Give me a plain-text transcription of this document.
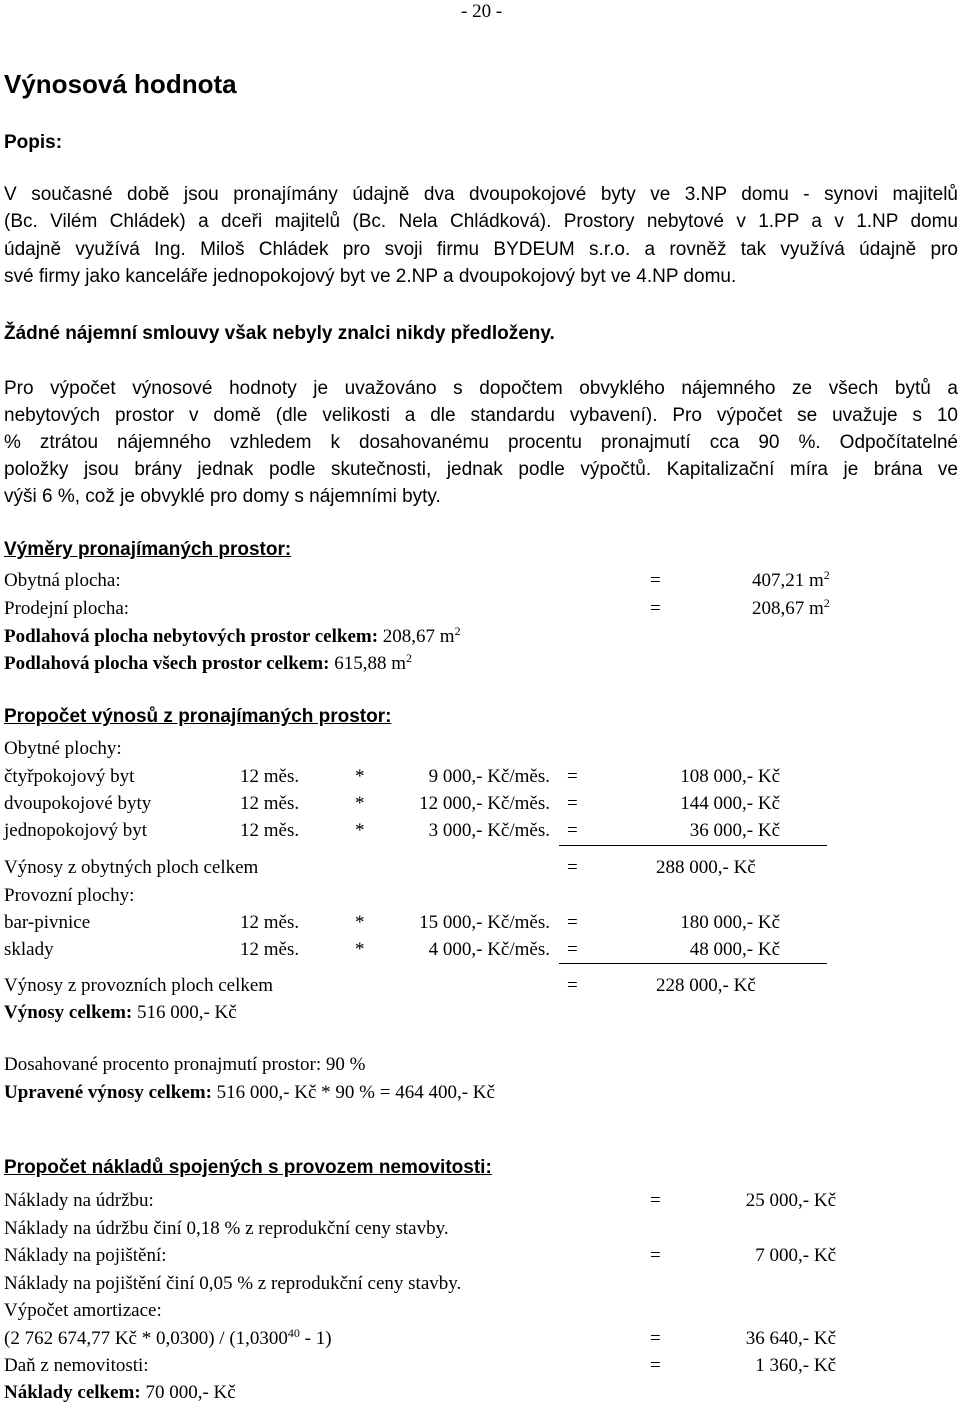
- 20 -
Výnosová hodnota
Popis:
V současné době jsou pronajímány údajně dva dvoupokojové byty ve 3.NP domu - synovi majitelů
(Bc. Vilém Chládek) a dceři majitelů (Bc. Nela Chládková). Prostory nebytové v 1.PP a v 1.NP domu
údajně využívá Ing. Miloš Chládek pro svoji firmu BYDEUM s.r.o. a rovněž tak využívá údajně pro
své firmy jako kanceláře jednopokojový byt ve 2.NP a dvoupokojový byt ve 4.NP domu.
Žádné nájemní smlouvy však nebyly znalci nikdy předloženy.
Pro výpočet výnosové hodnoty je uvažováno s dopočtem obvyklého nájemného ze všech bytů a
nebytových prostor v domě (dle velikosti a dle standardu vybavení). Pro výpočet se uvažuje s 10
% ztrátou nájemného vzhledem k dosahovanému procentu pronajmutí cca 90 %. Odpočítatelné
položky jsou brány jednak podle skutečnosti, jednak podle výpočtů. Kapitalizační míra je brána ve
výši 6 %, což je obvyklé pro domy s nájemními byty.
Výměry pronajímaných prostor:
Obytná plocha:	=	407,21 $m^2$
Prodejní plocha:	=	208,67 $m^2$
Podlahová plocha nebytových prostor celkem: 208,67 $m^2$
Podlahová plocha všech prostor celkem: 615,88 $m^2$
Propočet výnosů z pronajímaných prostor:
Obytné plochy:
čtyřpokojový byt	12 měs.	*	9 000,- Kč/měs. =	108 000,- Kč
dvoupokojové byty	12 měs.	*	12 000,- Kč/měs. =	144 000,- Kč
jednopokojový byt	12 měs.	*	3 000,- Kč/měs. =	36 000,- Kč
Výnosy z obytných ploch celkem	=	288 000,- Kč
Provozní plochy:
bar-pivnice	12 měs.	*	15 000,- Kč/měs. =	180 000,- Kč
sklady	12 měs.	*	4 000,- Kč/měs. =	48 000,- Kč
Výnosy z provozních ploch celkem	=	228 000,- Kč
Výnosy celkem: 516 000,- Kč
Dosahované procento pronajmutí prostor: 90 %
Upravené výnosy celkem: 516 000,- Kč * 90 % = 464 400,- Kč
Propočet nákladů spojených s provozem nemovitosti:
Náklady na údržbu:	=	25 000,- Kč
Náklady na údržbu činí 0,18 % z reprodukční ceny stavby.
Náklady na pojištění:	=	7 000,- Kč
Náklady na pojištění činí 0,05 % z reprodukční ceny stavby.
Výpočet amortizace:
(2 762 674,77 Kč * 0,0300) / (1,0300$^{40}$ - 1)	=	36 640,- Kč
Daň z nemovitosti:	=	1 360,- Kč
Náklady celkem: 70 000,- Kč
